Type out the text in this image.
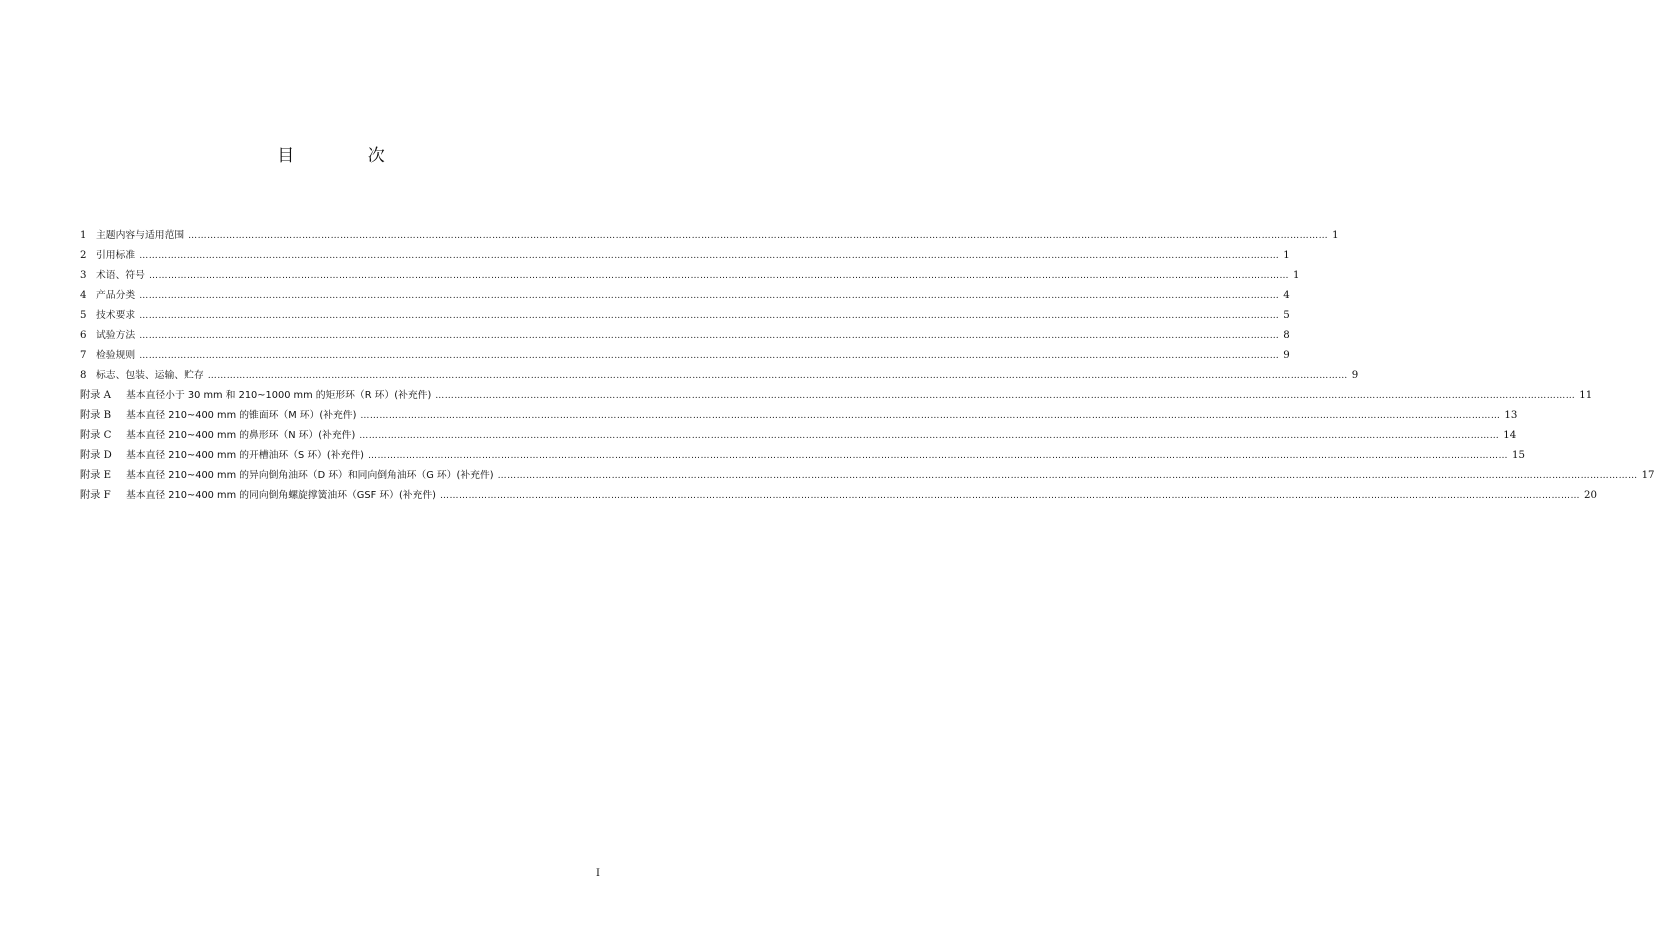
目 次
1 主题内容与适用范围 ……………………………………………………………………………………………………………………………………………………………………………………………………………………………………………………………………………………………………………………………… 1
2 引用标准 ……………………………………………………………………………………………………………………………………………………………………………………………………………………………………………………………………………………………………………………………… 1
3 术语、符号 ……………………………………………………………………………………………………………………………………………………………………………………………………………………………………………………………………………………………………………………………… 1
4 产品分类 ……………………………………………………………………………………………………………………………………………………………………………………………………………………………………………………………………………………………………………………………… 4
5 技术要求 ……………………………………………………………………………………………………………………………………………………………………………………………………………………………………………………………………………………………………………………………… 5
6 试验方法 ……………………………………………………………………………………………………………………………………………………………………………………………………………………………………………………………………………………………………………………………… 8
7 检验规则 ……………………………………………………………………………………………………………………………………………………………………………………………………………………………………………………………………………………………………………………………… 9
8 标志、包装、运输、贮存 ……………………………………………………………………………………………………………………………………………………………………………………………………………………………………………………………………………………………………………………………… 9
附录 A	基本直径小于 30 mm 和 210~1000 mm 的矩形环（R 环）(补充件) ……………………………………………………………………………………………………………………………………………………………………………………………………………………………………………………………………………………………………………………………… 11
附录 B	基本直径 210~400 mm 的锥面环（M 环）(补充件) ……………………………………………………………………………………………………………………………………………………………………………………………………………………………………………………………………………………………………………………………… 13
附录 C	基本直径 210~400 mm 的鼻形环（N 环）(补充件) ……………………………………………………………………………………………………………………………………………………………………………………………………………………………………………………………………………………………………………………………… 14
附录 D	基本直径 210~400 mm 的开槽油环（S 环）(补充件) ……………………………………………………………………………………………………………………………………………………………………………………………………………………………………………………………………………………………………………………………… 15
附录 E	基本直径 210~400 mm 的异向倒角油环（D 环）和同向倒角油环（G 环）(补充件) ……………………………………………………………………………………………………………………………………………………………………………………………………………………………………………………………………………………………………………………………… 17
附录 F	基本直径 210~400 mm 的同向倒角螺旋撑簧油环（GSF 环）(补充件) ……………………………………………………………………………………………………………………………………………………………………………………………………………………………………………………………………………………………………………………………… 20
I
